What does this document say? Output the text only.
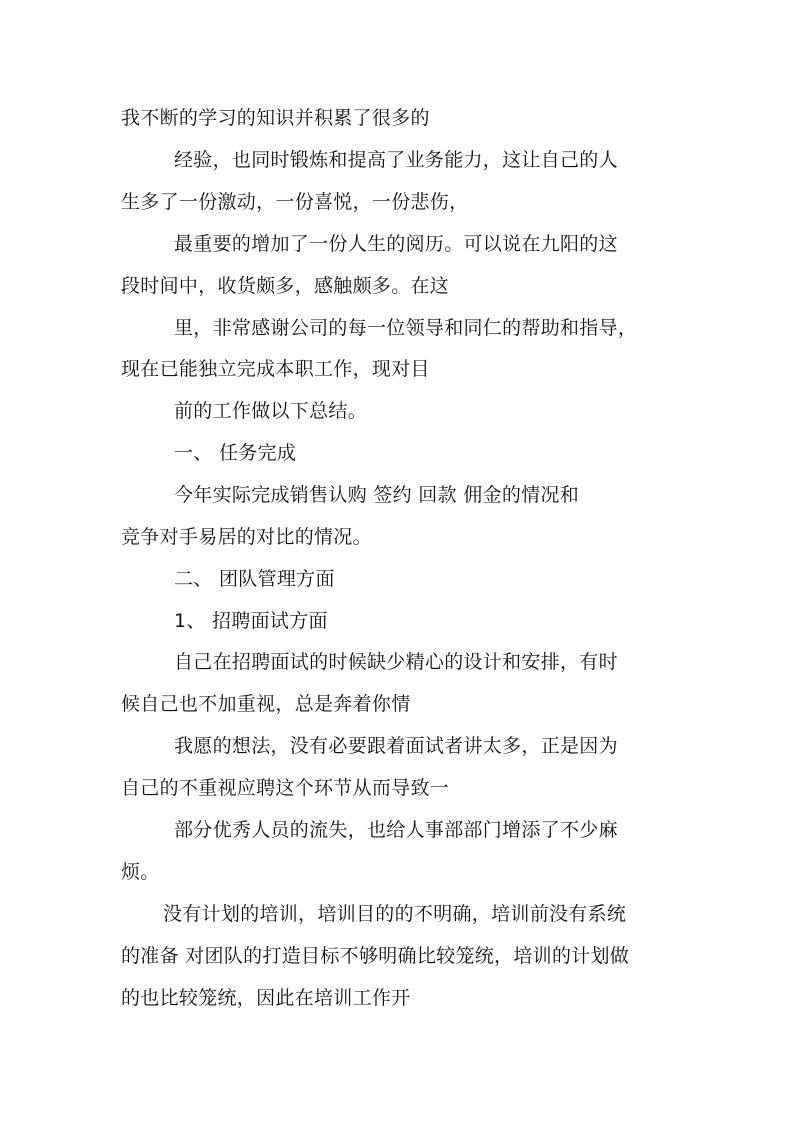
我不断的学习的知识并积累了很多的
经验，也同时锻炼和提高了业务能力，这让自己的人
生多了一份激动，一份喜悦，一份悲伤，
最重要的增加了一份人生的阅历。可以说在九阳的这
段时间中，收货颇多，感触颇多。在这
里，非常感谢公司的每一位领导和同仁的帮助和指导，
现在已能独立完成本职工作，现对目
前的工作做以下总结。
一、 任务完成
今年实际完成销售认购 签约 回款 佣金的情况和
竞争对手易居的对比的情况。
二、 团队管理方面
1、 招聘面试方面
自己在招聘面试的时候缺少精心的设计和安排，有时
候自己也不加重视，总是奔着你情
我愿的想法，没有必要跟着面试者讲太多，正是因为
自己的不重视应聘这个环节从而导致一
部分优秀人员的流失，也给人事部部门增添了不少麻
烦。
没有计划的培训，培训目的的不明确，培训前没有系统
的准备 对团队的打造目标不够明确比较笼统，培训的计划做
的也比较笼统，因此在培训工作开
